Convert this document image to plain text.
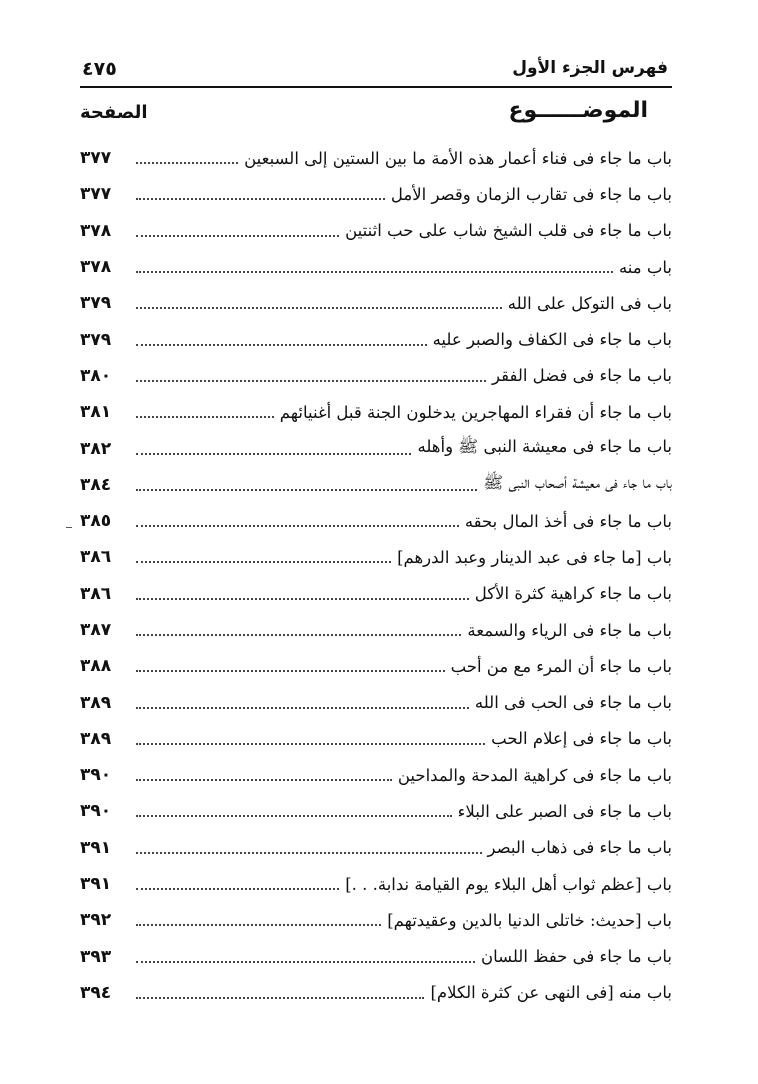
فهرس الجزء الأول
٤٧٥
الموضــــــوع
الصفحة
٣٧٧	باب ما جاء فى فناء أعمار هذه الأمة ما بين الستين إلى السبعين
٣٧٧	باب ما جاء فى تقارب الزمان وقصر الأمل
٣٧٨	باب ما جاء فى قلب الشيخ شاب على حب اثنتين
٣٧٨	باب منه
٣٧٩	باب فى التوكل على الله
٣٧٩	باب ما جاء فى الكفاف والصبر عليه
٣٨٠	باب ما جاء فى فضل الفقر
٣٨١	باب ما جاء أن فقراء المهاجرين يدخلون الجنة قبل أغنيائهم
٣٨٢	باب ما جاء فى معيشة النبى ﷺ وأهله
٣٨٤	باب ما جاء فى معيشة أصحاب النبى ﷺ
٣٨٥	باب ما جاء فى أخذ المال بحقه
٣٨٦	باب [ما جاء فى عبد الدينار وعبد الدرهم]
٣٨٦	باب ما جاء كراهية كثرة الأكل
٣٨٧	باب ما جاء فى الرياء والسمعة
٣٨٨	باب ما جاء أن المرء مع من أحب
٣٨٩	باب ما جاء فى الحب فى الله
٣٨٩	باب ما جاء فى إعلام الحب
٣٩٠	باب ما جاء فى كراهية المدحة والمداحين
٣٩٠	باب ما جاء فى الصبر على البلاء
٣٩١	باب ما جاء فى ذهاب البصر
٣٩١	باب [عظم ثواب أهل البلاء يوم القيامة ندابة. . .]
٣٩٢	باب [حديث: خاتلى الدنيا بالدين وعقيدتهم]
٣٩٣	باب ما جاء فى حفظ اللسان
٣٩٤	باب منه [فى النهى عن كثرة الكلام]
